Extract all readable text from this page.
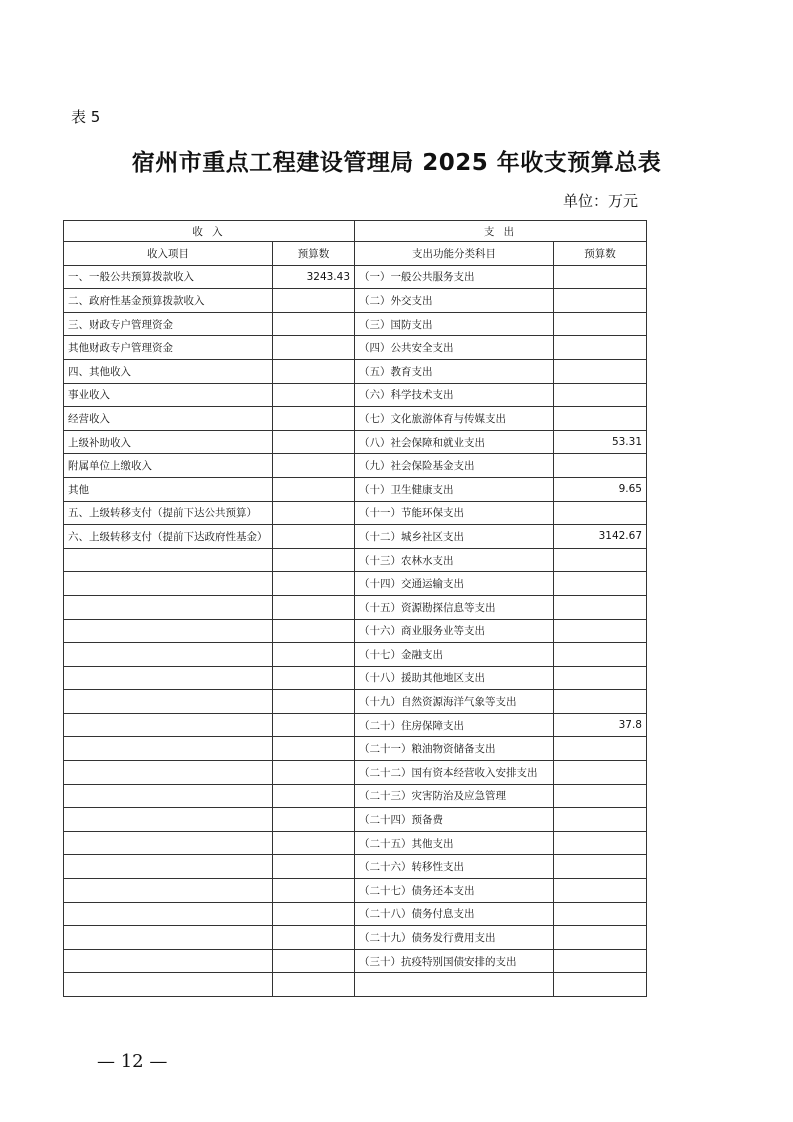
表 5
宿州市重点工程建设管理局 2025 年收支预算总表
单位：万元
收 入		支 出	
收入项目	预算数	支出功能分类科目	预算数
一、一般公共预算拨款收入	3243.43	（一）一般公共服务支出	
二、政府性基金预算拨款收入		（二）外交支出	
三、财政专户管理资金		（三）国防支出	
其他财政专户管理资金		（四）公共安全支出	
四、其他收入		（五）教育支出	
事业收入		（六）科学技术支出	
经营收入		（七）文化旅游体育与传媒支出	
上级补助收入		（八）社会保障和就业支出	53.31
附属单位上缴收入		（九）社会保险基金支出	
其他		（十）卫生健康支出	9.65
五、上级转移支付（提前下达公共预算）		（十一）节能环保支出	
六、上级转移支付（提前下达政府性基金）		（十二）城乡社区支出	3142.67
		（十三）农林水支出	
		（十四）交通运输支出	
		（十五）资源勘探信息等支出	
		（十六）商业服务业等支出	
		（十七）金融支出	
		（十八）援助其他地区支出	
		（十九）自然资源海洋气象等支出	
		（二十）住房保障支出	37.8
		（二十一）粮油物资储备支出	
		（二十二）国有资本经营收入安排支出	
		（二十三）灾害防治及应急管理	
		（二十四）预备费	
		（二十五）其他支出	
		（二十六）转移性支出	
		（二十七）债务还本支出	
		（二十八）债务付息支出	
		（二十九）债务发行费用支出	
		（三十）抗疫特别国债安排的支出	

— 12 —
